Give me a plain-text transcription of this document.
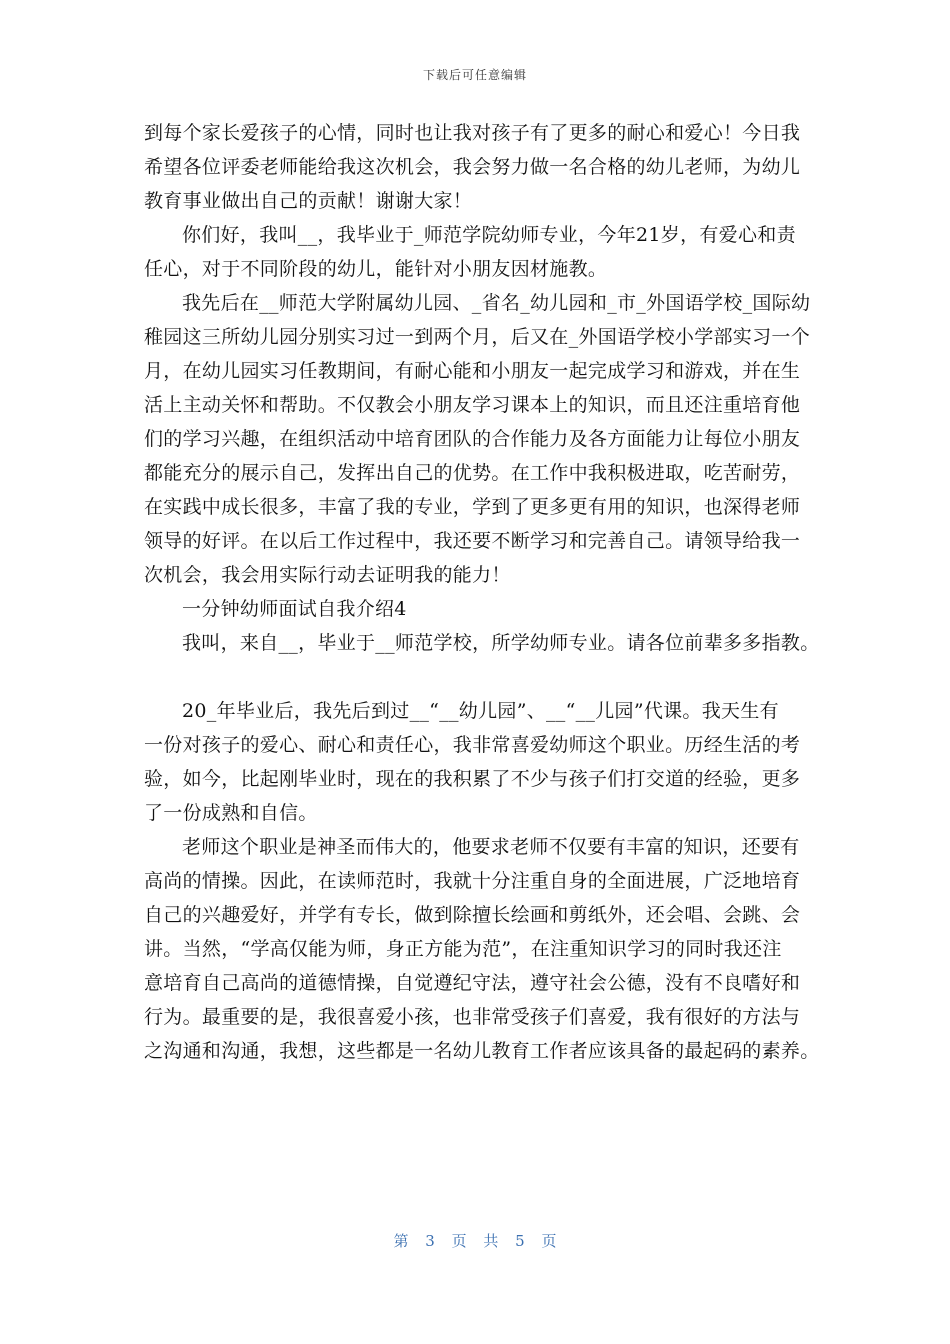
下载后可任意编辑
到每个家长爱孩子的心情，同时也让我对孩子有了更多的耐心和爱心！今日我
希望各位评委老师能给我这次机会，我会努力做一名合格的幼儿老师，为幼儿
教育事业做出自己的贡献！谢谢大家！
你们好，我叫__，我毕业于_师范学院幼师专业，今年21岁，有爱心和责
任心，对于不同阶段的幼儿，能针对小朋友因材施教。
我先后在__师范大学附属幼儿园、_省名_幼儿园和_市_外国语学校_国际幼
稚园这三所幼儿园分别实习过一到两个月，后又在_外国语学校小学部实习一个
月，在幼儿园实习任教期间，有耐心能和小朋友一起完成学习和游戏，并在生
活上主动关怀和帮助。不仅教会小朋友学习课本上的知识，而且还注重培育他
们的学习兴趣，在组织活动中培育团队的合作能力及各方面能力让每位小朋友
都能充分的展示自己，发挥出自己的优势。在工作中我积极进取，吃苦耐劳，
在实践中成长很多，丰富了我的专业，学到了更多更有用的知识，也深得老师
领导的好评。在以后工作过程中，我还要不断学习和完善自己。请领导给我一
次机会，我会用实际行动去证明我的能力！
一分钟幼师面试自我介绍4
我叫，来自__，毕业于__师范学校，所学幼师专业。请各位前辈多多指教。
20_年毕业后，我先后到过__“__幼儿园”、__“__儿园”代课。我天生有
一份对孩子的爱心、耐心和责任心，我非常喜爱幼师这个职业。历经生活的考
验，如今，比起刚毕业时，现在的我积累了不少与孩子们打交道的经验，更多
了一份成熟和自信。
老师这个职业是神圣而伟大的，他要求老师不仅要有丰富的知识，还要有
高尚的情操。因此，在读师范时，我就十分注重自身的全面进展，广泛地培育
自己的兴趣爱好，并学有专长，做到除擅长绘画和剪纸外，还会唱、会跳、会
讲。当然，“学高仅能为师，身正方能为范”，在注重知识学习的同时我还注
意培育自己高尚的道德情操，自觉遵纪守法，遵守社会公德，没有不良嗜好和
行为。最重要的是，我很喜爱小孩，也非常受孩子们喜爱，我有很好的方法与
之沟通和沟通，我想，这些都是一名幼儿教育工作者应该具备的最起码的素养。
第 3 页 共 5 页
